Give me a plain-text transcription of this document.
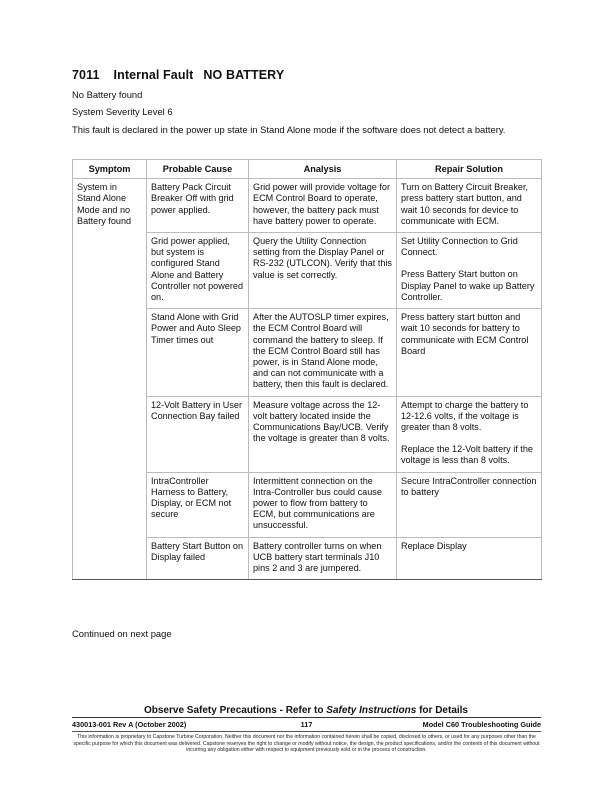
7011 Internal Fault NO BATTERY

No Battery found

System Severity Level 6

This fault is declared in the power up state in Stand Alone mode if the software does not detect a battery.

Symptom	Probable Cause	Analysis	Repair Solution
System in Stand Alone Mode and no Battery found	Battery Pack Circuit Breaker Off with grid power applied.	Grid power will provide voltage for ECM Control Board to operate, however, the battery pack must have battery power to operate.	Turn on Battery Circuit Breaker, press battery start button, and wait 10 seconds for device to communicate with ECM.

	Grid power applied, but system is configured Stand Alone and Battery Controller not powered on.	Query the Utility Connection setting from the Display Panel or RS-232 (UTLCON). Verify that this value is set correctly.	Set Utility Connection to Grid Connect.
Press Battery Start button on Display Panel to wake up Battery Controller.

	Stand Alone with Grid Power and Auto Sleep Timer times out	After the AUTOSLP timer expires, the ECM Control Board will command the battery to sleep. If the ECM Control Board still has power, is in Stand Alone mode, and can not communicate with a battery, then this fault is declared.	Press battery start button and wait 10 seconds for battery to communicate with ECM Control Board

	12-Volt Battery in User Connection Bay failed	Measure voltage across the 12-volt battery located inside the Communications Bay/UCB. Verify the voltage is greater than 8 volts.	Attempt to charge the battery to 12-12.6 volts, if the voltage is greater than 8 volts.
Replace the 12-Volt battery if the voltage is less than 8 volts.

	IntraController Harness to Battery, Display, or ECM not secure	Intermittent connection on the Intra-Controller bus could cause power to flow from battery to ECM, but communications are unsuccessful.	Secure IntraController connection to battery

	Battery Start Button on Display failed	Battery controller turns on when UCB battery start terminals J10 pins 2 and 3 are jumpered.	Replace Display

Continued on next page

Observe Safety Precautions - Refer to Safety Instructions for Details

430013-001 Rev A (October 2002)	117	Model C60 Troubleshooting Guide

This information is proprietary to Capstone Turbine Corporation. Neither this document nor the information contained herein shall be copied, disclosed to others, or used for any purposes other than the specific purpose for which this document was delivered. Capstone reserves the right to change or modify without notice, the design, the product specifications, and/or the contents of this document without incurring any obligation either with respect to equipment previously sold or in the process of construction.
